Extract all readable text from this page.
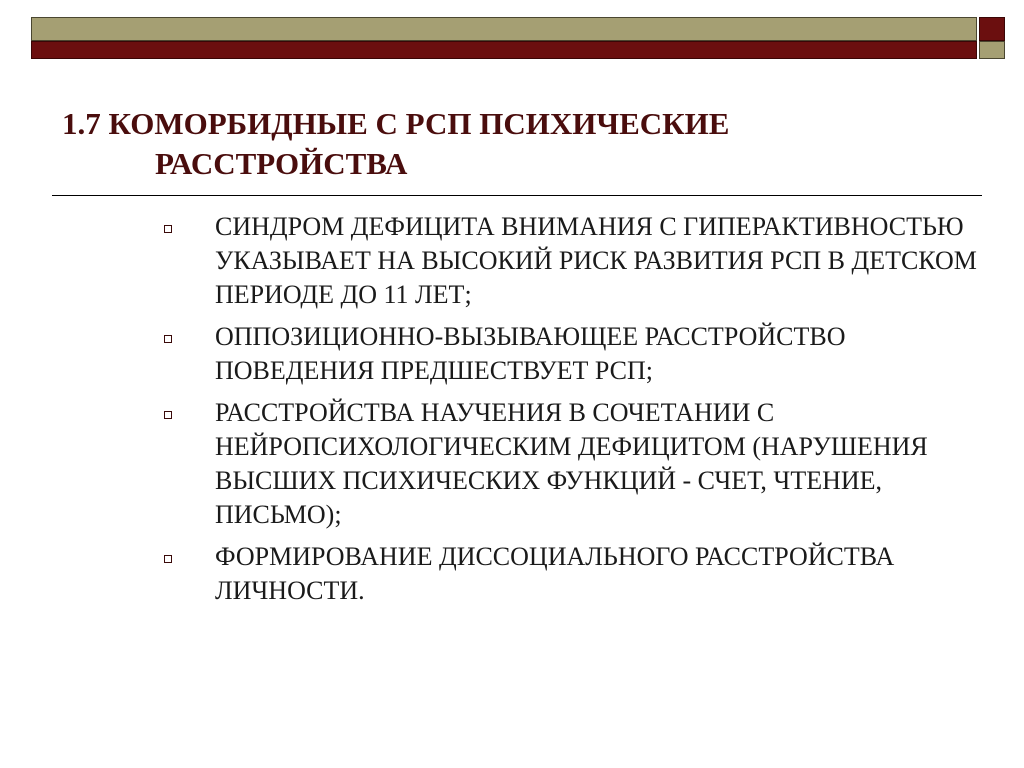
1.7 КОМОРБИДНЫЕ С РСП ПСИХИЧЕСКИЕ
РАССТРОЙСТВА
СИНДРОМ ДЕФИЦИТА ВНИМАНИЯ С ГИПЕРАКТИВНОСТЬЮ УКАЗЫВАЕТ НА ВЫСОКИЙ РИСК РАЗВИТИЯ РСП В ДЕТСКОМ ПЕРИОДЕ ДО 11 ЛЕТ;
ОППОЗИЦИОННО-ВЫЗЫВАЮЩЕЕ РАССТРОЙСТВО ПОВЕДЕНИЯ ПРЕДШЕСТВУЕТ РСП;
РАССТРОЙСТВА НАУЧЕНИЯ В СОЧЕТАНИИ С НЕЙРОПСИХОЛОГИЧЕСКИМ ДЕФИЦИТОМ (НАРУШЕНИЯ ВЫСШИХ ПСИХИЧЕСКИХ ФУНКЦИЙ - СЧЕТ, ЧТЕНИЕ, ПИСЬМО);
ФОРМИРОВАНИЕ ДИССОЦИАЛЬНОГО РАССТРОЙСТВА ЛИЧНОСТИ.
